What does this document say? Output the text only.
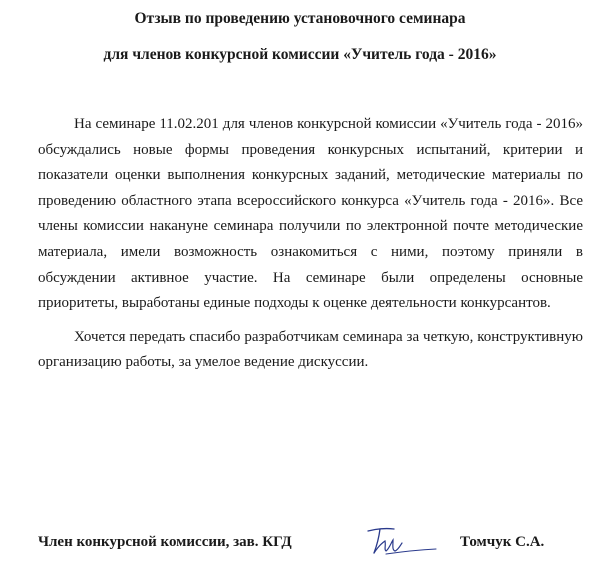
Отзыв по проведению установочного семинара
для членов конкурсной комиссии «Учитель года - 2016»

На семинаре 11.02.201 для членов конкурсной комиссии «Учитель года - 2016» обсуждались новые формы проведения конкурсных испытаний, критерии и показатели оценки выполнения конкурсных заданий, методические материалы по проведению областного этапа всероссийского конкурса «Учитель года - 2016». Все члены комиссии накануне семинара получили по электронной почте методические материала, имели возможность ознакомиться с ними, поэтому приняли в обсуждении активное участие. На семинаре были определены основные приоритеты, выработаны единые подходы к оценке деятельности конкурсантов.

Хочется передать спасибо разработчикам семинара за четкую, конструктивную организацию работы, за умелое ведение дискуссии.

Член конкурсной комиссии, зав. КГД	Томчук С.А.
